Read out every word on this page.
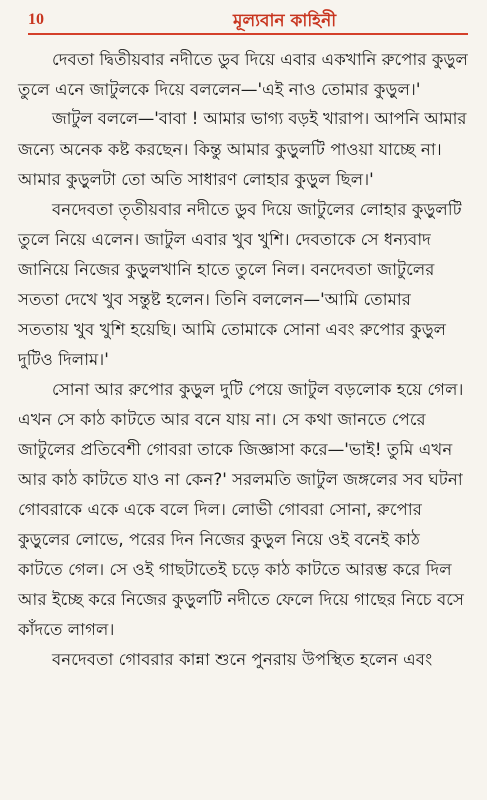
10	মূল্যবান কাহিনী
দেবতা দ্বিতীয়বার নদীতে ডুব দিয়ে এবার একখানি রুপোর কুড়ুল
তুলে এনে জাটুলকে দিয়ে বললেন—'এই নাও তোমার কুড়ুল।'
জাটুল বললে—'বাবা ! আমার ভাগ্য বড়ই খারাপ। আপনি আমার
জন্যে অনেক কষ্ট করছেন। কিন্তু আমার কুড়ুলটি পাওয়া যাচ্ছে না।
আমার কুড়ুলটা তো অতি সাধারণ লোহার কুড়ুল ছিল।'
বনদেবতা তৃতীয়বার নদীতে ডুব দিয়ে জাটুলের লোহার কুড়ুলটি
তুলে নিয়ে এলেন। জাটুল এবার খুব খুশি। দেবতাকে সে ধন্যবাদ
জানিয়ে নিজের কুড়ুলখানি হাতে তুলে নিল। বনদেবতা জাটুলের
সততা দেখে খুব সন্তুষ্ট হলেন। তিনি বললেন—'আমি তোমার
সততায় খুব খুশি হয়েছি। আমি তোমাকে সোনা এবং রুপোর কুড়ুল
দুটিও দিলাম।'
সোনা আর রুপোর কুড়ুল দুটি পেয়ে জাটুল বড়লোক হয়ে গেল।
এখন সে কাঠ কাটতে আর বনে যায় না। সে কথা জানতে পেরে
জাটুলের প্রতিবেশী গোবরা তাকে জিজ্ঞাসা করে—'ভাই! তুমি এখন
আর কাঠ কাটতে যাও না কেন?' সরলমতি জাটুল জঙ্গলের সব ঘটনা
গোবরাকে একে একে বলে দিল। লোভী গোবরা সোনা, রুপোর
কুড়ুলের লোভে, পরের দিন নিজের কুড়ুল নিয়ে ওই বনেই কাঠ
কাটতে গেল। সে ওই গাছটাতেই চড়ে কাঠ কাটতে আরম্ভ করে দিল
আর ইচ্ছে করে নিজের কুড়ুলটি নদীতে ফেলে দিয়ে গাছের নিচে বসে
কাঁদতে লাগল।
বনদেবতা গোবরার কান্না শুনে পুনরায় উপস্থিত হলেন এবং
